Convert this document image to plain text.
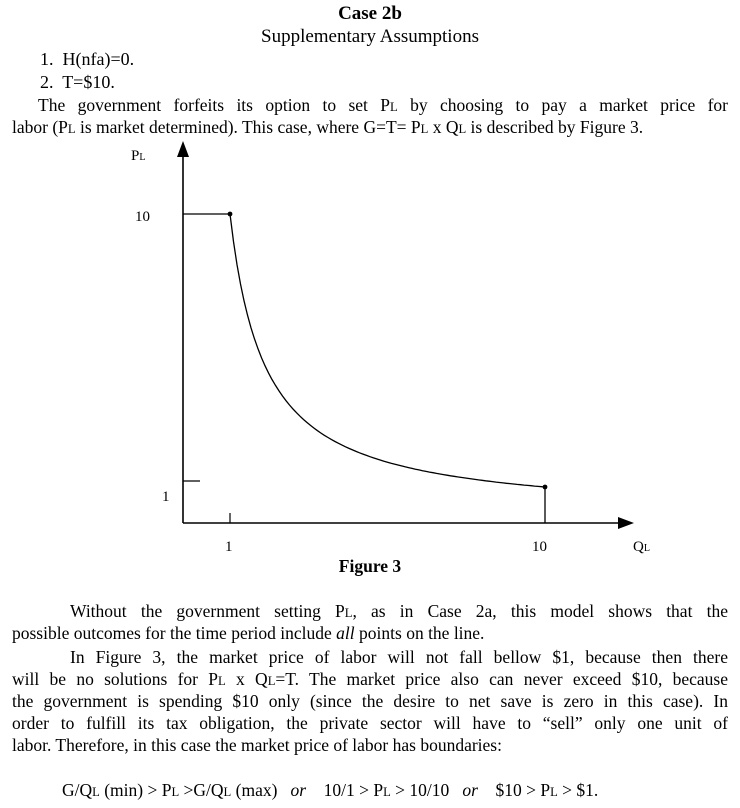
Case 2b
Supplementary Assumptions
1. H(nfa)=0.
2. T=$10.
The government forfeits its option to set PL by choosing to pay a market price for
labor (PL is market determined). This case, where G=T= PL x QL is described by Figure 3.
PL
QL
10
1
1	10
Figure 3
Without the government setting PL, as in Case 2a, this model shows that the
possible outcomes for the time period include all points on the line.
In Figure 3, the market price of labor will not fall bellow $1, because then there
will be no solutions for PL x QL=T. The market price also can never exceed $10, because
the government is spending $10 only (since the desire to net save is zero in this case). In
order to fulfill its tax obligation, the private sector will have to “sell” only one unit of
labor. Therefore, in this case the market price of labor has boundaries:
G/QL (min) > PL >G/QL (max) or 10/1 > PL > 10/10 or $10 > PL > $1.
